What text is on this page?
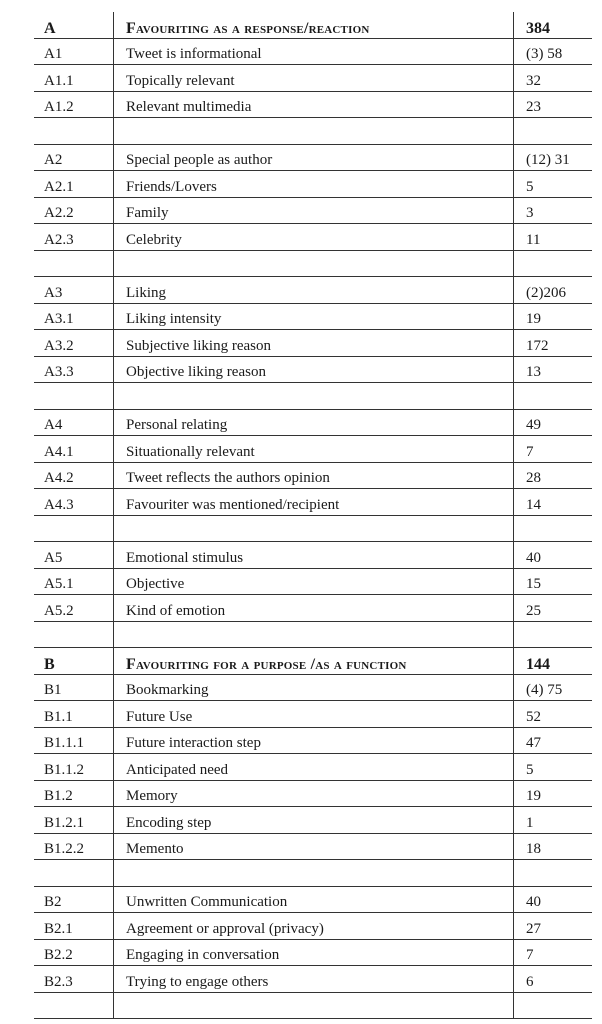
A	Favouriting as a response/reaction	384
A1	Tweet is informational	(3) 58
A1.1	Topically relevant	32
A1.2	Relevant multimedia	23

A2	Special people as author	(12) 31
A2.1	Friends/Lovers	5
A2.2	Family	3
A2.3	Celebrity	11

A3	Liking	(2)206
A3.1	Liking intensity	19
A3.2	Subjective liking reason	172
A3.3	Objective liking reason	13

A4	Personal relating	49
A4.1	Situationally relevant	7
A4.2	Tweet reflects the authors opinion	28
A4.3	Favouriter was mentioned/recipient	14

A5	Emotional stimulus	40
A5.1	Objective	15
A5.2	Kind of emotion	25

B	Favouriting for a purpose /as a function	144
B1	Bookmarking	(4) 75
B1.1	Future Use	52
B1.1.1	Future interaction step	47
B1.1.2	Anticipated need	5
B1.2	Memory	19
B1.2.1	Encoding step	1
B1.2.2	Memento	18

B2	Unwritten Communication	40
B2.1	Agreement or approval (privacy)	27
B2.2	Engaging in conversation	7
B2.3	Trying to engage others	6
